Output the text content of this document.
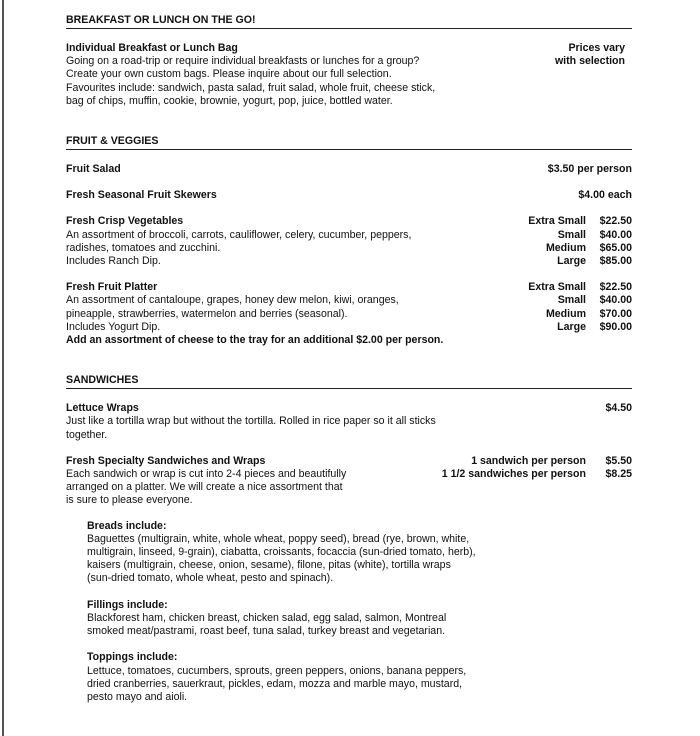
BREAKFAST OR LUNCH ON THE GO!
Individual Breakfast or Lunch Bag
Going on a road-trip or require individual breakfasts or lunches for a group?
Create your own custom bags. Please inquire about our full selection.
Favourites include: sandwich, pasta salad, fruit salad, whole fruit, cheese stick,
bag of chips, muffin, cookie, brownie, yogurt, pop, juice, bottled water.
Prices vary
with selection
FRUIT & VEGGIES
Fruit Salad	$3.50 per person
Fresh Seasonal Fruit Skewers	$4.00 each
Fresh Crisp Vegetables
An assortment of broccoli, carrots, cauliflower, celery, cucumber, peppers,
radishes, tomatoes and zucchini.
Includes Ranch Dip.
Extra Small	$22.50
Small	$40.00
Medium	$65.00
Large	$85.00
Fresh Fruit Platter
An assortment of cantaloupe, grapes, honey dew melon, kiwi, oranges,
pineapple, strawberries, watermelon and berries (seasonal).
Includes Yogurt Dip.
Add an assortment of cheese to the tray for an additional $2.00 per person.
Extra Small	$22.50
Small	$40.00
Medium	$70.00
Large	$90.00
SANDWICHES
Lettuce Wraps
Just like a tortilla wrap but without the tortilla. Rolled in rice paper so it all sticks
together.
$4.50
Fresh Specialty Sandwiches and Wraps
Each sandwich or wrap is cut into 2-4 pieces and beautifully
arranged on a platter. We will create a nice assortment that
is sure to please everyone.
1 sandwich per person	$5.50
1 1/2 sandwiches per person	$8.25
Breads include:
Baguettes (multigrain, white, whole wheat, poppy seed), bread (rye, brown, white,
multigrain, linseed, 9-grain), ciabatta, croissants, focaccia (sun-dried tomato, herb),
kaisers (multigrain, cheese, onion, sesame), filone, pitas (white), tortilla wraps
(sun-dried tomato, whole wheat, pesto and spinach).
Fillings include:
Blackforest ham, chicken breast, chicken salad, egg salad, salmon, Montreal
smoked meat/pastrami, roast beef, tuna salad, turkey breast and vegetarian.
Toppings include:
Lettuce, tomatoes, cucumbers, sprouts, green peppers, onions, banana peppers,
dried cranberries, sauerkraut, pickles, edam, mozza and marble mayo, mustard,
pesto mayo and aioli.
